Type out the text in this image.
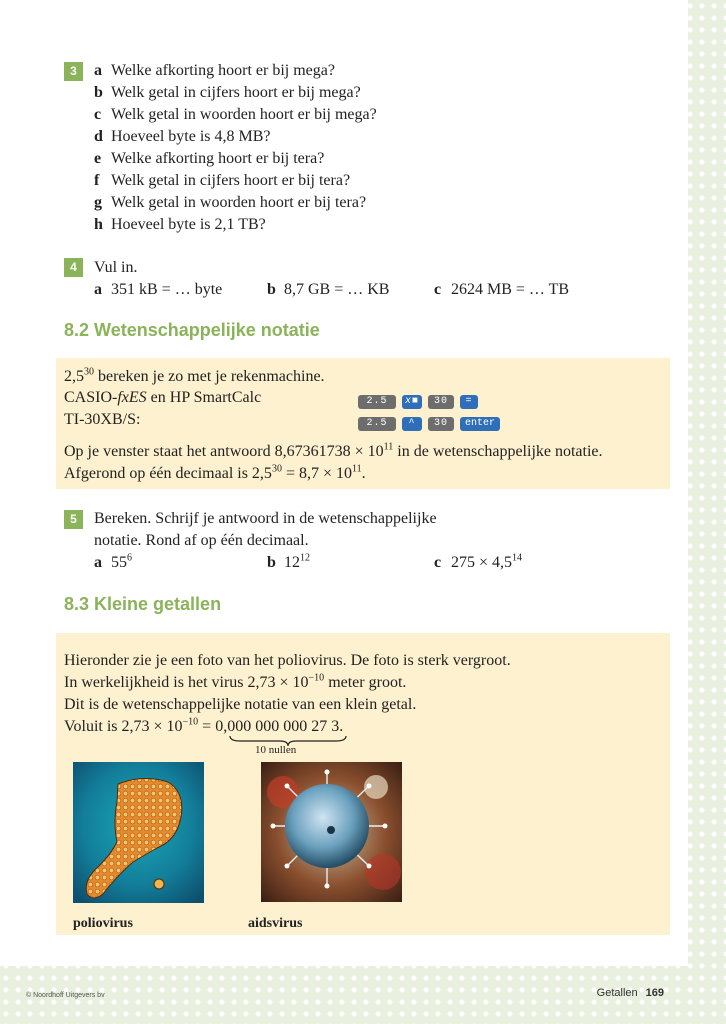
3	a Welke afkorting hoort er bij mega?
b Welk getal in cijfers hoort er bij mega?
c Welk getal in woorden hoort er bij mega?
d Hoeveel byte is 4,8 MB?
e Welke afkorting hoort er bij tera?
f Welk getal in cijfers hoort er bij tera?
g Welk getal in woorden hoort er bij tera?
h Hoeveel byte is 2,1 TB?
4	Vul in.
a 351 kB = … byte	b 8,7 GB = … KB	c 2624 MB = … TB
8.2 Wetenschappelijke notatie
$2,5^{30}$ bereken je zo met je rekenmachine.
CASIO-fxES en HP SmartCalc
TI-30XB/S:
2.5 x■ 30 =
2.5 ^ 30 enter
Op je venster staat het antwoord $8,67361738 \times 10^{11}$ in de wetenschappelijke notatie.
Afgerond op één decimaal is $2,5^{30} = 8,7 \times 10^{11}$.
5	Bereken. Schrijf je antwoord in de wetenschappelijke
notatie. Rond af op één decimaal.
a $55^6$	b $12^{12}$	c $275 \times 4,5^{14}$
8.3 Kleine getallen
Hieronder zie je een foto van het poliovirus. De foto is sterk vergroot.
In werkelijkheid is het virus $2,73 \times 10^{-10}$ meter groot.
Dit is de wetenschappelijke notatie van een klein getal.
Voluit is $2,73 \times 10^{-10} = 0,000$ 000 000 27 3.
10 nullen
poliovirus	aidsvirus
© Noordhoff Uitgevers bv	Getallen 169
